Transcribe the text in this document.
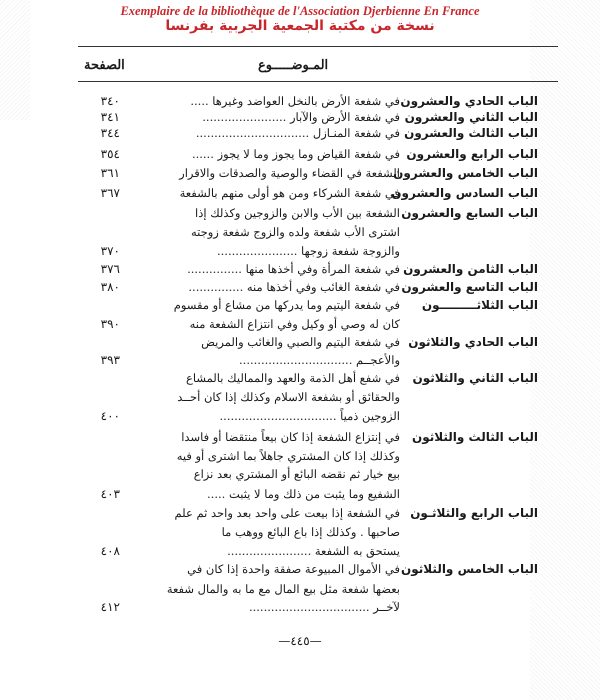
Exemplaire de la bibliothèque de l'Association Djerbienne En France
نسخة من مكتبة الجمعية الجربية بفرنسا
المـوضـــــوع
الصفحة
الباب الحادي والعشرون
في شفعة الأرض بالنخل العواضد وغيرها .....
٣٤٠
الباب الثاني والعشرون
في شفعة الأرض والآبار .......................
٣٤١
الباب الثالث والعشرون
في شفعة المنـازل ...............................
٣٤٤
الباب الرابع والعشرون
في شفعة القياض وما يجوز وما لا يجوز ......
٣٥٤
الباب الخامس والعشرون
الشفعة في القضاء والوصية والصدقات والاقرار
٣٦١
الباب السادس والعشرون
في شفعة الشركاء ومن هو أولى منهم بالشفعة
٣٦٧
الباب السابع والعشرون
الشفعة بين الأب والابن والزوجين وكذلك إذا
اشترى الأب شفعة ولده والزوج شفعة زوجته
والزوجة شفعة زوجها ......................
٣٧٠
الباب الثامن والعشرون
في شفعة المرأة وفي أخذها منها ...............
٣٧٦
الباب التاسع والعشرون
في شفعة الغائب وفي أخذها منه ...............
٣٨٠
الباب الثلاثـــــــــون
في شفعة اليتيم وما يدركها من مشاع أو مقسوم
كان له وصي أو وكيل وفي انتزاع الشفعة منه
٣٩٠
الباب الحادي والثلاثون
في شفعة اليتيم والصبي والغائب والمريض
والأعجــم ...............................
٣٩٣
الباب الثاني والثلاثون
في شفع أهل الذمة والعهد والمماليك بالمشاع
والحقائق أو بشفعة الاسلام وكذلك إذا كان أحــد
الزوجين ذمياً ................................
٤٠٠
الباب الثالث والثلاثون
في إنتزاع الشفعة إذا كان بيعاً منتقضا أو فاسدا
وكذلك إذا كان المشتري جاهلاً بما اشترى أو فيه
بيع خيار ثم نقضه البائع أو المشتري بعد نزاع
الشفيع وما يثبت من ذلك وما لا يثبت .....
٤٠٣
الباب الرابع والثلاثـون
في الشفعة إذا بيعت على واحد بعد واحد ثم علم
صاحبها . وكذلك إذا باع البائع ووهب ما
يستحق به الشفعة .......................
٤٠٨
الباب الخامس والثلاثون
في الأموال المبيوعة صفقة واحدة إذا كان في
بعضها شفعة مثل بيع المال مع ما به والمال شفعة
لآخــر .................................
٤١٢
—٤٤٥—
